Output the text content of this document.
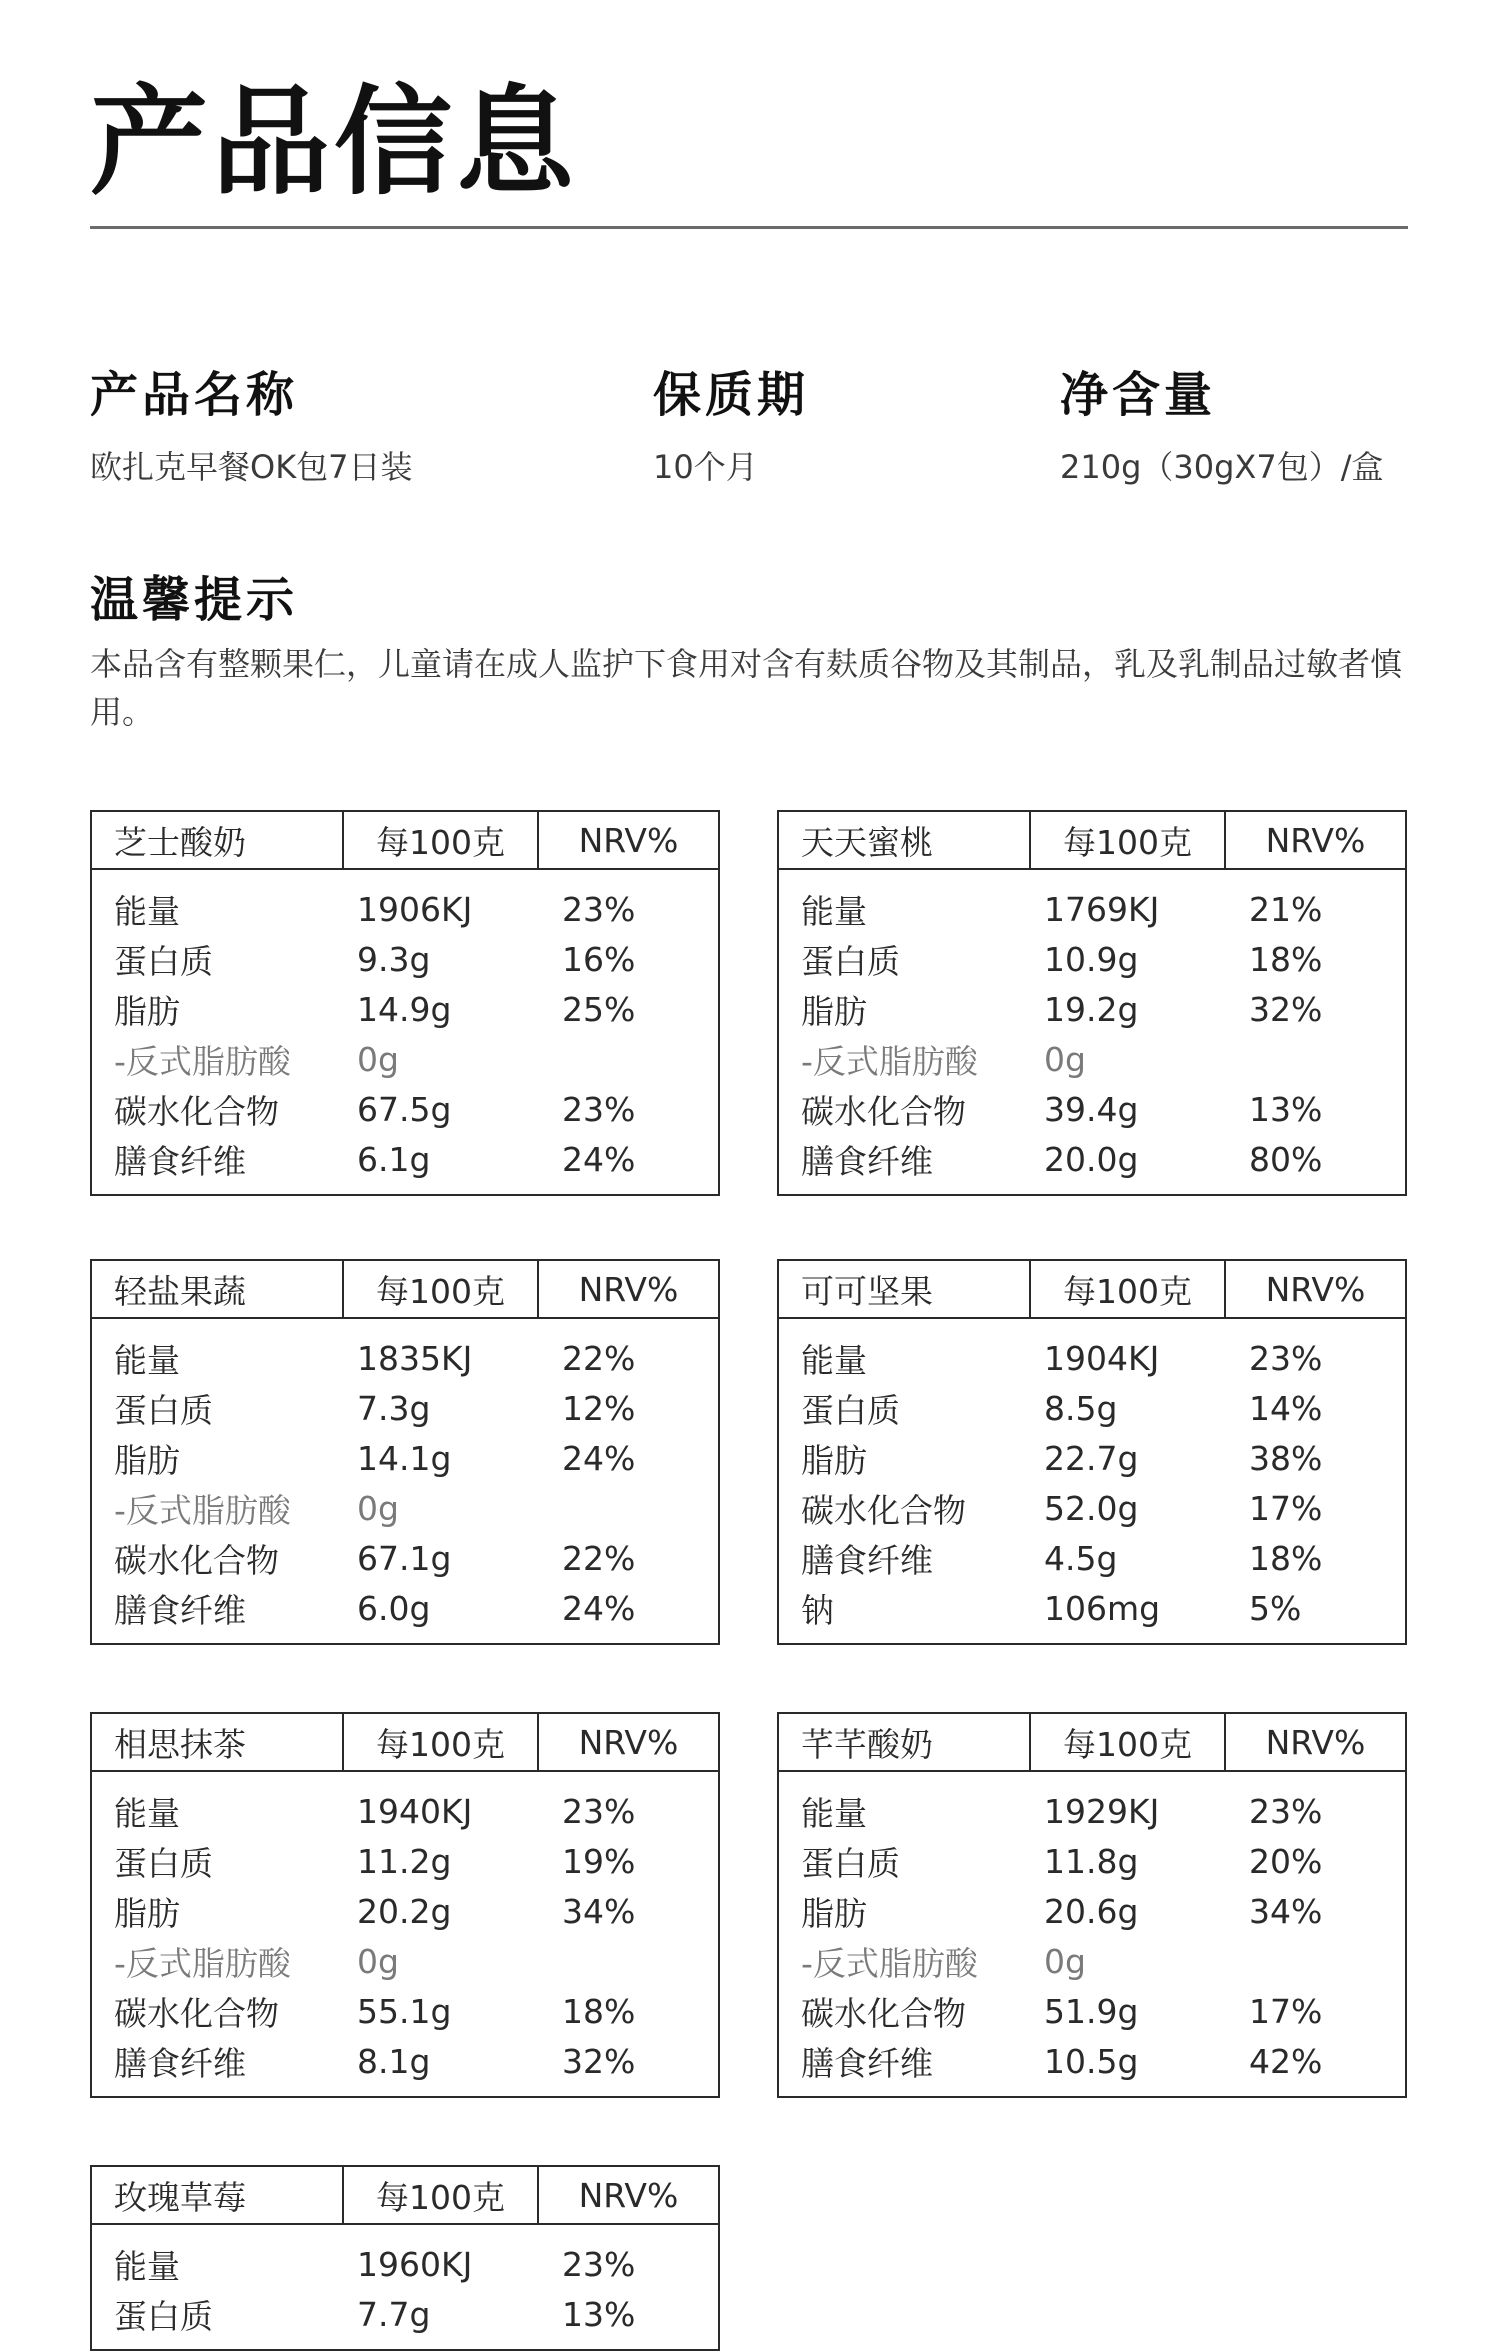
产品信息
产品名称
欧扎克早餐OK包7日装
保质期
10个月
净含量
210g（30gX7包）/盒
温馨提示
本品含有整颗果仁，儿童请在成人监护下食用对含有麸质谷物及其制品，乳及乳制品过敏者慎用。
芝士酸奶	每100克	NRV%
能量	1906KJ	23%
蛋白质	9.3g	16%
脂肪	14.9g	25%
-反式脂肪酸	0g
碳水化合物	67.5g	23%
膳食纤维	6.1g	24%
天天蜜桃	每100克	NRV%
能量	1769KJ	21%
蛋白质	10.9g	18%
脂肪	19.2g	32%
-反式脂肪酸	0g
碳水化合物	39.4g	13%
膳食纤维	20.0g	80%
轻盐果蔬	每100克	NRV%
能量	1835KJ	22%
蛋白质	7.3g	12%
脂肪	14.1g	24%
-反式脂肪酸	0g
碳水化合物	67.1g	22%
膳食纤维	6.0g	24%
可可坚果	每100克	NRV%
能量	1904KJ	23%
蛋白质	8.5g	14%
脂肪	22.7g	38%
碳水化合物	52.0g	17%
膳食纤维	4.5g	18%
钠	106mg	5%
相思抹茶	每100克	NRV%
能量	1940KJ	23%
蛋白质	11.2g	19%
脂肪	20.2g	34%
-反式脂肪酸	0g
碳水化合物	55.1g	18%
膳食纤维	8.1g	32%
芊芊酸奶	每100克	NRV%
能量	1929KJ	23%
蛋白质	11.8g	20%
脂肪	20.6g	34%
-反式脂肪酸	0g
碳水化合物	51.9g	17%
膳食纤维	10.5g	42%
玫瑰草莓	每100克	NRV%
能量	1960KJ	23%
蛋白质	7.7g	13%
